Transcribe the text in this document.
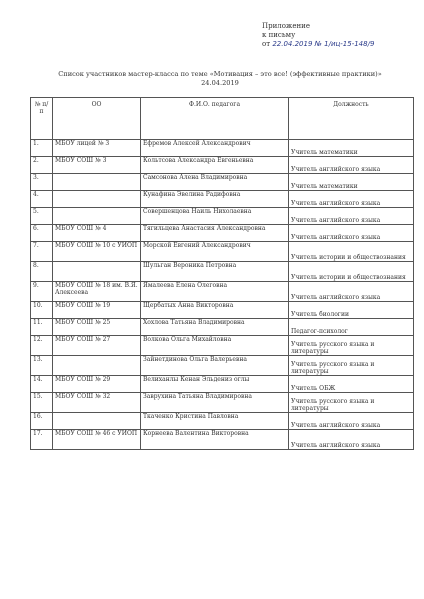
Приложение
к письму
от 22.04.2019 № 1/иц-15-148/9
Список участников мастер-класса по теме «Мотивация – это все! (эффективные практики)»
24.04.2019
№ п/п	ОО	Ф.И.О. педагога	Должность
1.	МБОУ лицей № 3	Ефремов Алексей Александрович	Учитель математики
2.	МБОУ СОШ № 3	Кольтсова Александра Евгеньевна	Учитель английского языка
3.		Самсонова Алена Владимировна	Учитель математики
4.		Кунафина Эвелина Радифовна	Учитель английского языка
5.		Совершенцова Наиль Нихолаевна	Учитель английского языка
6.	МБОУ СОШ № 4	Тягильцева Анастасия Александровна	Учитель английского языка
7.	МБОУ СОШ № 10 с УИОП	Морской Евгений Александрович	Учитель истории и обществознания
8.		Шульган Вероника Петровна	Учитель истории и обществознания
9.	МБОУ СОШ № 18 им. В.Я. Алексеева	Ямалеева Елена Олеговна	Учитель английского языка
10.	МБОУ СОШ № 19	Щербатых Анна Викторовна	Учитель биологии
11.	МБОУ СОШ № 25	Хохлова Татьяна Владимировна	Педагог-психолог
12.	МБОУ СОШ № 27	Волкова Ольга Михайловна	Учитель русского языка и литературы
13.		Зайнетдинова Ольга Валерьевна	Учитель русского языка и литературы
14.	МБОУ СОШ № 29	Велиханлы Кенан Эльдениз оглы	Учитель ОБЖ
15.	МБОУ СОШ № 32	Заврухина Татьяна Владимировна	Учитель русского языка и литературы
16.		Ткаченко Кристина Павловна	Учитель английского языка
17.	МБОУ СОШ № 46 с УИОП	Корнеева Валентина Викторовна	Учитель английского языка
